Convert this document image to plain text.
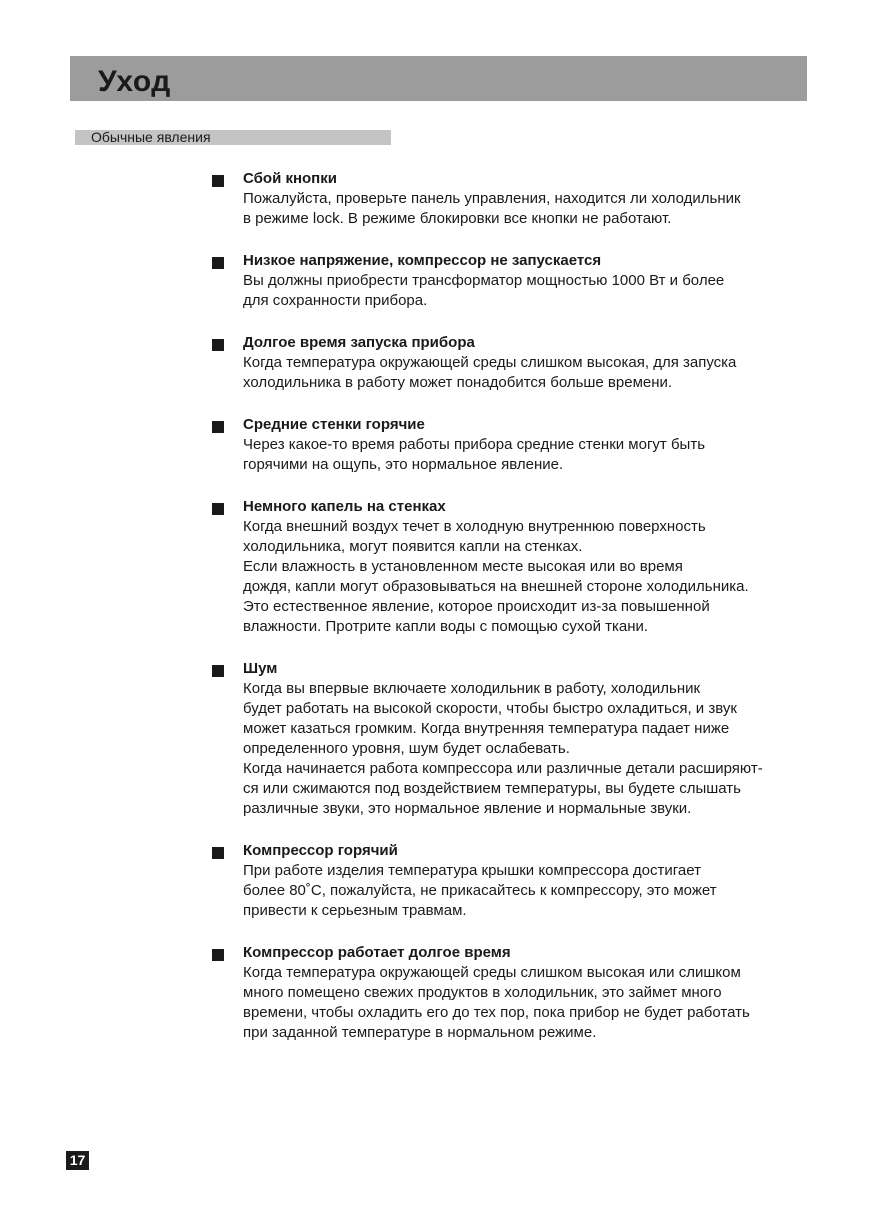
Уход
Обычные явления
Сбой кнопки
Пожалуйста, проверьте панель управления, находится ли холодильник
в режиме lock. В режиме блокировки все кнопки не работают.
Низкое напряжение, компрессор не запускается
Вы должны приобрести трансформатор мощностью 1000 Вт и более
для сохранности прибора.
Долгое время запуска прибора
Когда температура окружающей среды слишком высокая, для запуска
холодильника в работу может понадобится больше времени.
Средние стенки горячие
Через какое-то время работы прибора средние стенки могут быть
горячими на ощупь, это нормальное явление.
Немного капель на стенках
Когда внешний воздух течет в холодную внутреннюю поверхность
холодильника, могут появится капли на стенках.
Если влажность в установленном месте высокая или во время
дождя, капли могут образовываться на внешней стороне холодильника.
Это естественное явление, которое происходит из-за повышенной
влажности. Протрите капли воды с помощью сухой ткани.
Шум
Когда вы впервые включаете холодильник в работу, холодильник
будет работать на высокой скорости, чтобы быстро охладиться, и звук
может казаться громким. Когда внутренняя температура падает ниже
определенного уровня, шум будет ослабевать.
Когда начинается работа компрессора или различные детали расширяют-
ся или сжимаются под воздействием температуры, вы будете слышать
различные звуки, это нормальное явление и нормальные звуки.
Компрессор горячий
При работе изделия температура крышки компрессора достигает
более 80˚С, пожалуйста, не прикасайтесь к компрессору, это может
привести к серьезным травмам.
Компрессор работает долгое время
Когда температура окружающей среды слишком высокая или слишком
много помещено свежих продуктов в холодильник, это займет много
времени, чтобы охладить его до тех пор, пока прибор не будет работать
при заданной температуре в нормальном режиме.
17
